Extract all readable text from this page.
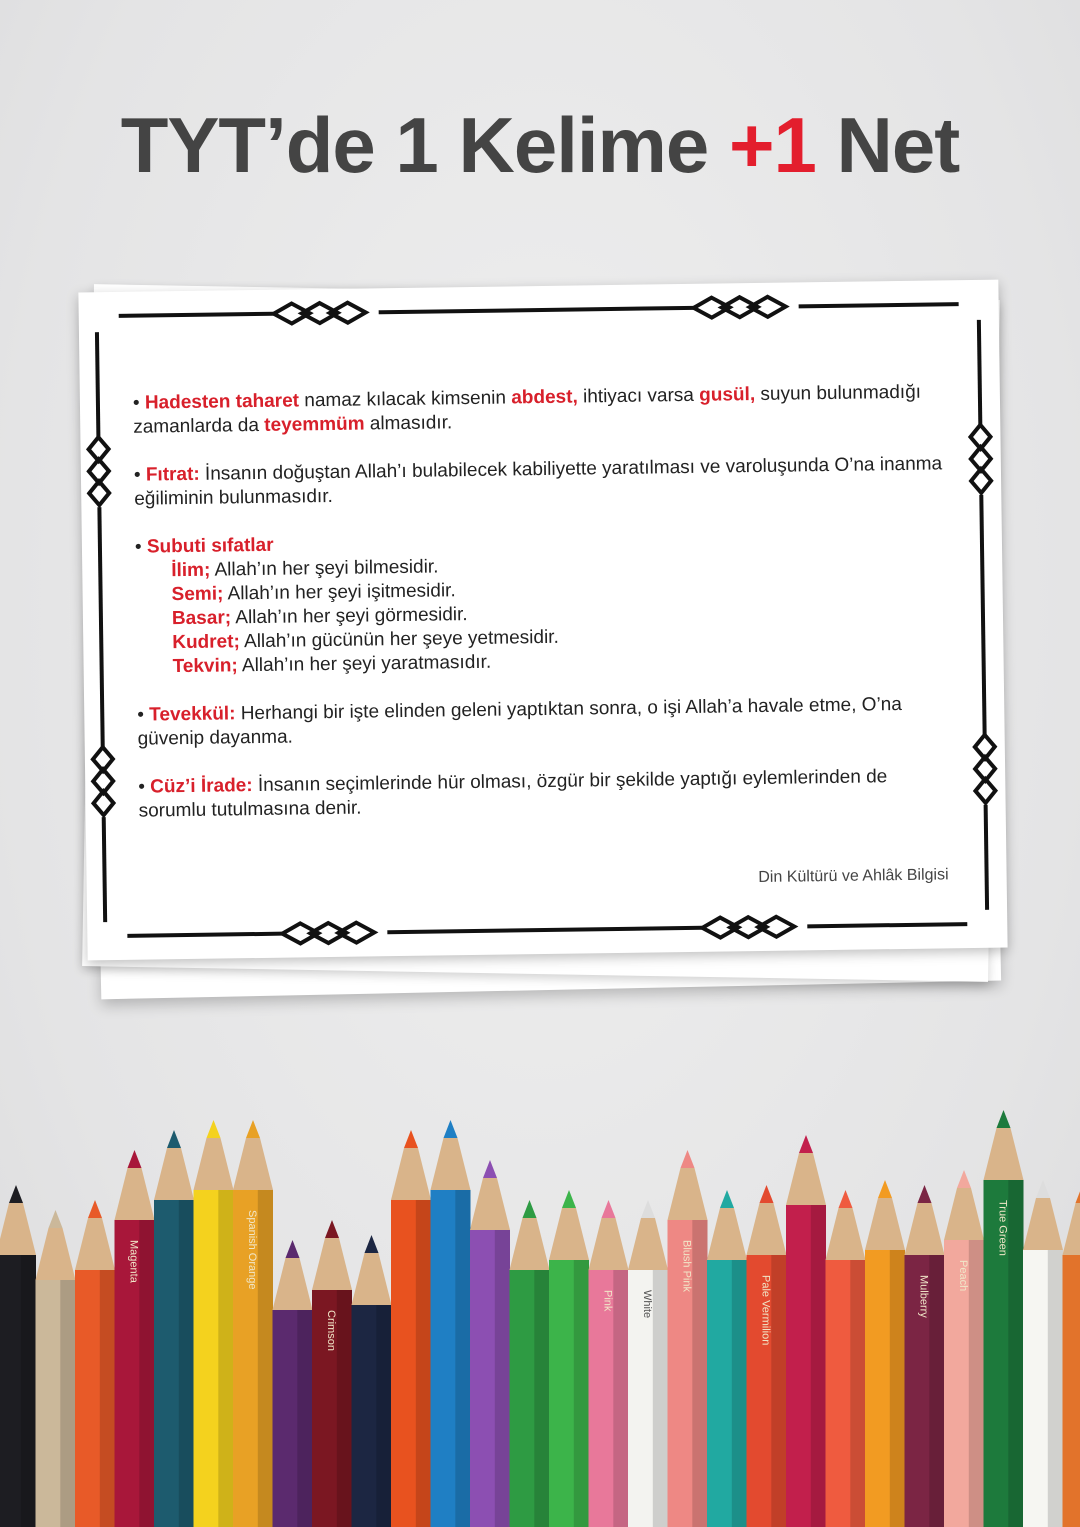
TYT’de 1 Kelime +1 Net
• Hadesten taharet namaz kılacak kimsenin abdest, ihtiyacı varsa gusül, suyun bulunmadığı zamanlarda da teyemmüm almasıdır.
• Fıtrat: İnsanın doğuştan Allah’ı bulabilecek kabiliyette yaratılması ve varoluşunda O’na inanma eğiliminin bulunmasıdır.
• Subuti sıfatlar
İlim; Allah’ın her şeyi bilmesidir.
Semi; Allah’ın her şeyi işitmesidir.
Basar; Allah’ın her şeyi görmesidir.
Kudret; Allah’ın gücünün her şeye yetmesidir.
Tekvin; Allah’ın her şeyi yaratmasıdır.
• Tevekkül: Herhangi bir işte elinden geleni yaptıktan sonra, o işi Allah’a havale etme, O’na güvenip dayanma.
• Cüz’i İrade: İnsanın seçimlerinde hür olması, özgür bir şekilde yaptığı eylemlerinden de sorumlu tutulmasına denir.
Din Kültürü ve Ahlâk Bilgisi
Magenta	Spanish Orange
Crimson
Pink	White
Blush Pink
Pale Vermilion	Mulberry	Peach
True Green
